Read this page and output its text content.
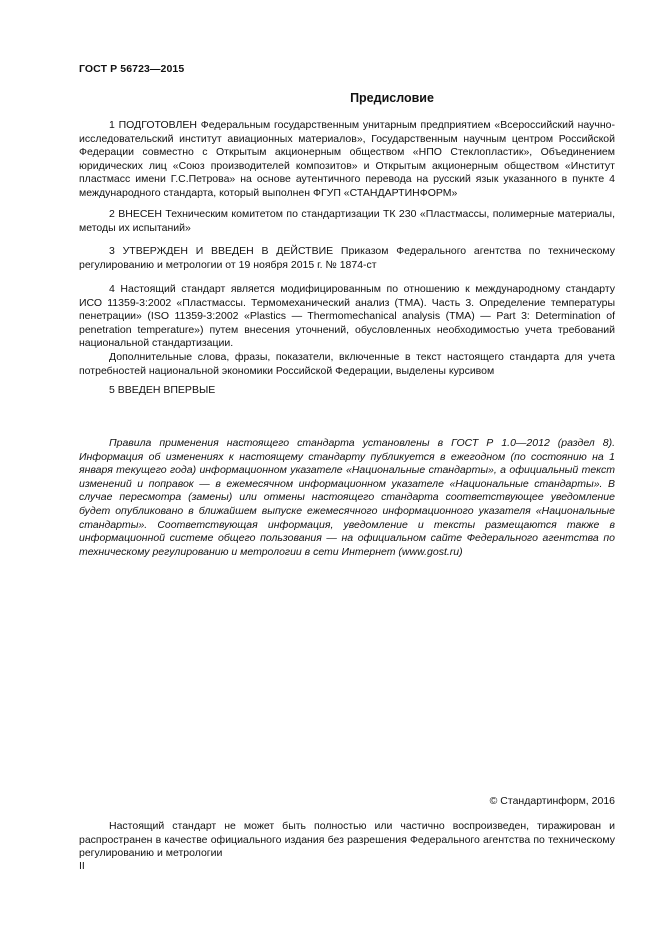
ГОСТ Р 56723—2015
Предисловие
1 ПОДГОТОВЛЕН Федеральным государственным унитарным предприятием «Всероссийский научно-исследовательский институт авиационных материалов», Государственным научным центром Российской Федерации совместно с Открытым акционерным обществом «НПО Стеклопластик», Объединением юридических лиц «Союз производителей композитов» и Открытым акционерным обществом «Институт пластмасс имени Г.С.Петрова» на основе аутентичного перевода на русский язык указанного в пункте 4 международного стандарта, который выполнен ФГУП «СТАНДАРТИНФОРМ»
2 ВНЕСЕН Техническим комитетом по стандартизации ТК 230 «Пластмассы, полимерные материалы, методы их испытаний»
3 УТВЕРЖДЕН И ВВЕДЕН В ДЕЙСТВИЕ Приказом Федерального агентства по техническому регулированию и метрологии от 19 ноября 2015 г. № 1874-ст

4 Настоящий стандарт является модифицированным по отношению к международному стандарту ИСО 11359-3:2002 «Пластмассы. Термомеханический анализ (ТМА). Часть 3. Определение температуры пенетрации» (ISO 11359-3:2002 «Plastics — Thermomechanical analysis (TMA) — Part 3: Determination of penetration temperature») путем внесения уточнений, обусловленных необходимостью учета требований национальной стандартизации.

Дополнительные слова, фразы, показатели, включенные в текст настоящего стандарта для учета потребностей национальной экономики Российской Федерации, выделены курсивом

5 ВВЕДЕН ВПЕРВЫЕ
Правила применения настоящего стандарта установлены в ГОСТ Р 1.0—2012 (раздел 8). Информация об изменениях к настоящему стандарту публикуется в ежегодном (по состоянию на 1 января текущего года) информационном указателе «Национальные стандарты», а официальный текст изменений и поправок — в ежемесячном информационном указателе «Национальные стандарты». В случае пересмотра (замены) или отмены настоящего стандарта соответствующее уведомление будет опубликовано в ближайшем выпуске ежемесячного информационного указателя «Национальные стандарты». Соответствующая информация, уведомление и тексты размещаются также в информационной системе общего пользования — на официальном сайте Федерального агентства по техническому регулированию и метрологии в сети Интернет (www.gost.ru)
© Стандартинформ, 2016
Настоящий стандарт не может быть полностью или частично воспроизведен, тиражирован и распространен в качестве официального издания без разрешения Федерального агентства по техническому регулированию и метрологии
II
